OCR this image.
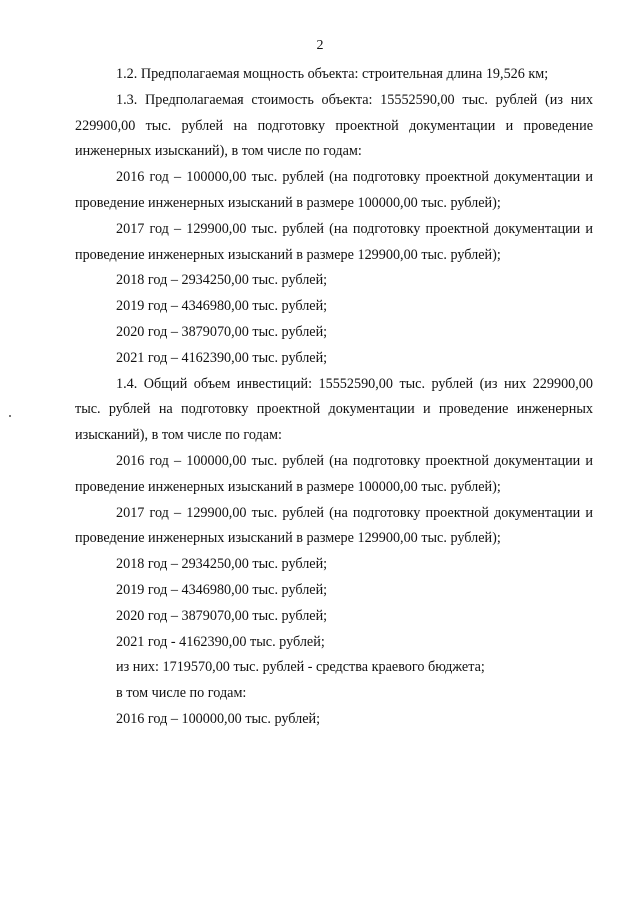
2

1.2. Предполагаемая мощность объекта: строительная длина 19,526 км;

1.3. Предполагаемая стоимость объекта: 15552590,00 тыс. рублей (из них 229900,00 тыс. рублей на подготовку проектной документации и проведение инженерных изысканий), в том числе по годам:

2016 год – 100000,00 тыс. рублей (на подготовку проектной документации и проведение инженерных изысканий в размере 100000,00 тыс. рублей);

2017 год – 129900,00 тыс. рублей (на подготовку проектной документации и проведение инженерных изысканий в размере 129900,00 тыс. рублей);

2018 год – 2934250,00 тыс. рублей;

2019 год – 4346980,00 тыс. рублей;

2020 год – 3879070,00 тыс. рублей;

2021 год – 4162390,00 тыс. рублей;

1.4. Общий объем инвестиций: 15552590,00 тыс. рублей (из них 229900,00 тыс. рублей на подготовку проектной документации и проведение инженерных изысканий), в том числе по годам:

2016 год – 100000,00 тыс. рублей (на подготовку проектной документации и проведение инженерных изысканий в размере 100000,00 тыс. рублей);

2017 год – 129900,00 тыс. рублей (на подготовку проектной документации и проведение инженерных изысканий в размере 129900,00 тыс. рублей);

2018 год – 2934250,00 тыс. рублей;

2019 год – 4346980,00 тыс. рублей;

2020 год – 3879070,00 тыс. рублей;

2021 год - 4162390,00 тыс. рублей;

из них: 1719570,00 тыс. рублей - средства краевого бюджета;

в том числе по годам:

2016 год – 100000,00 тыс. рублей;
